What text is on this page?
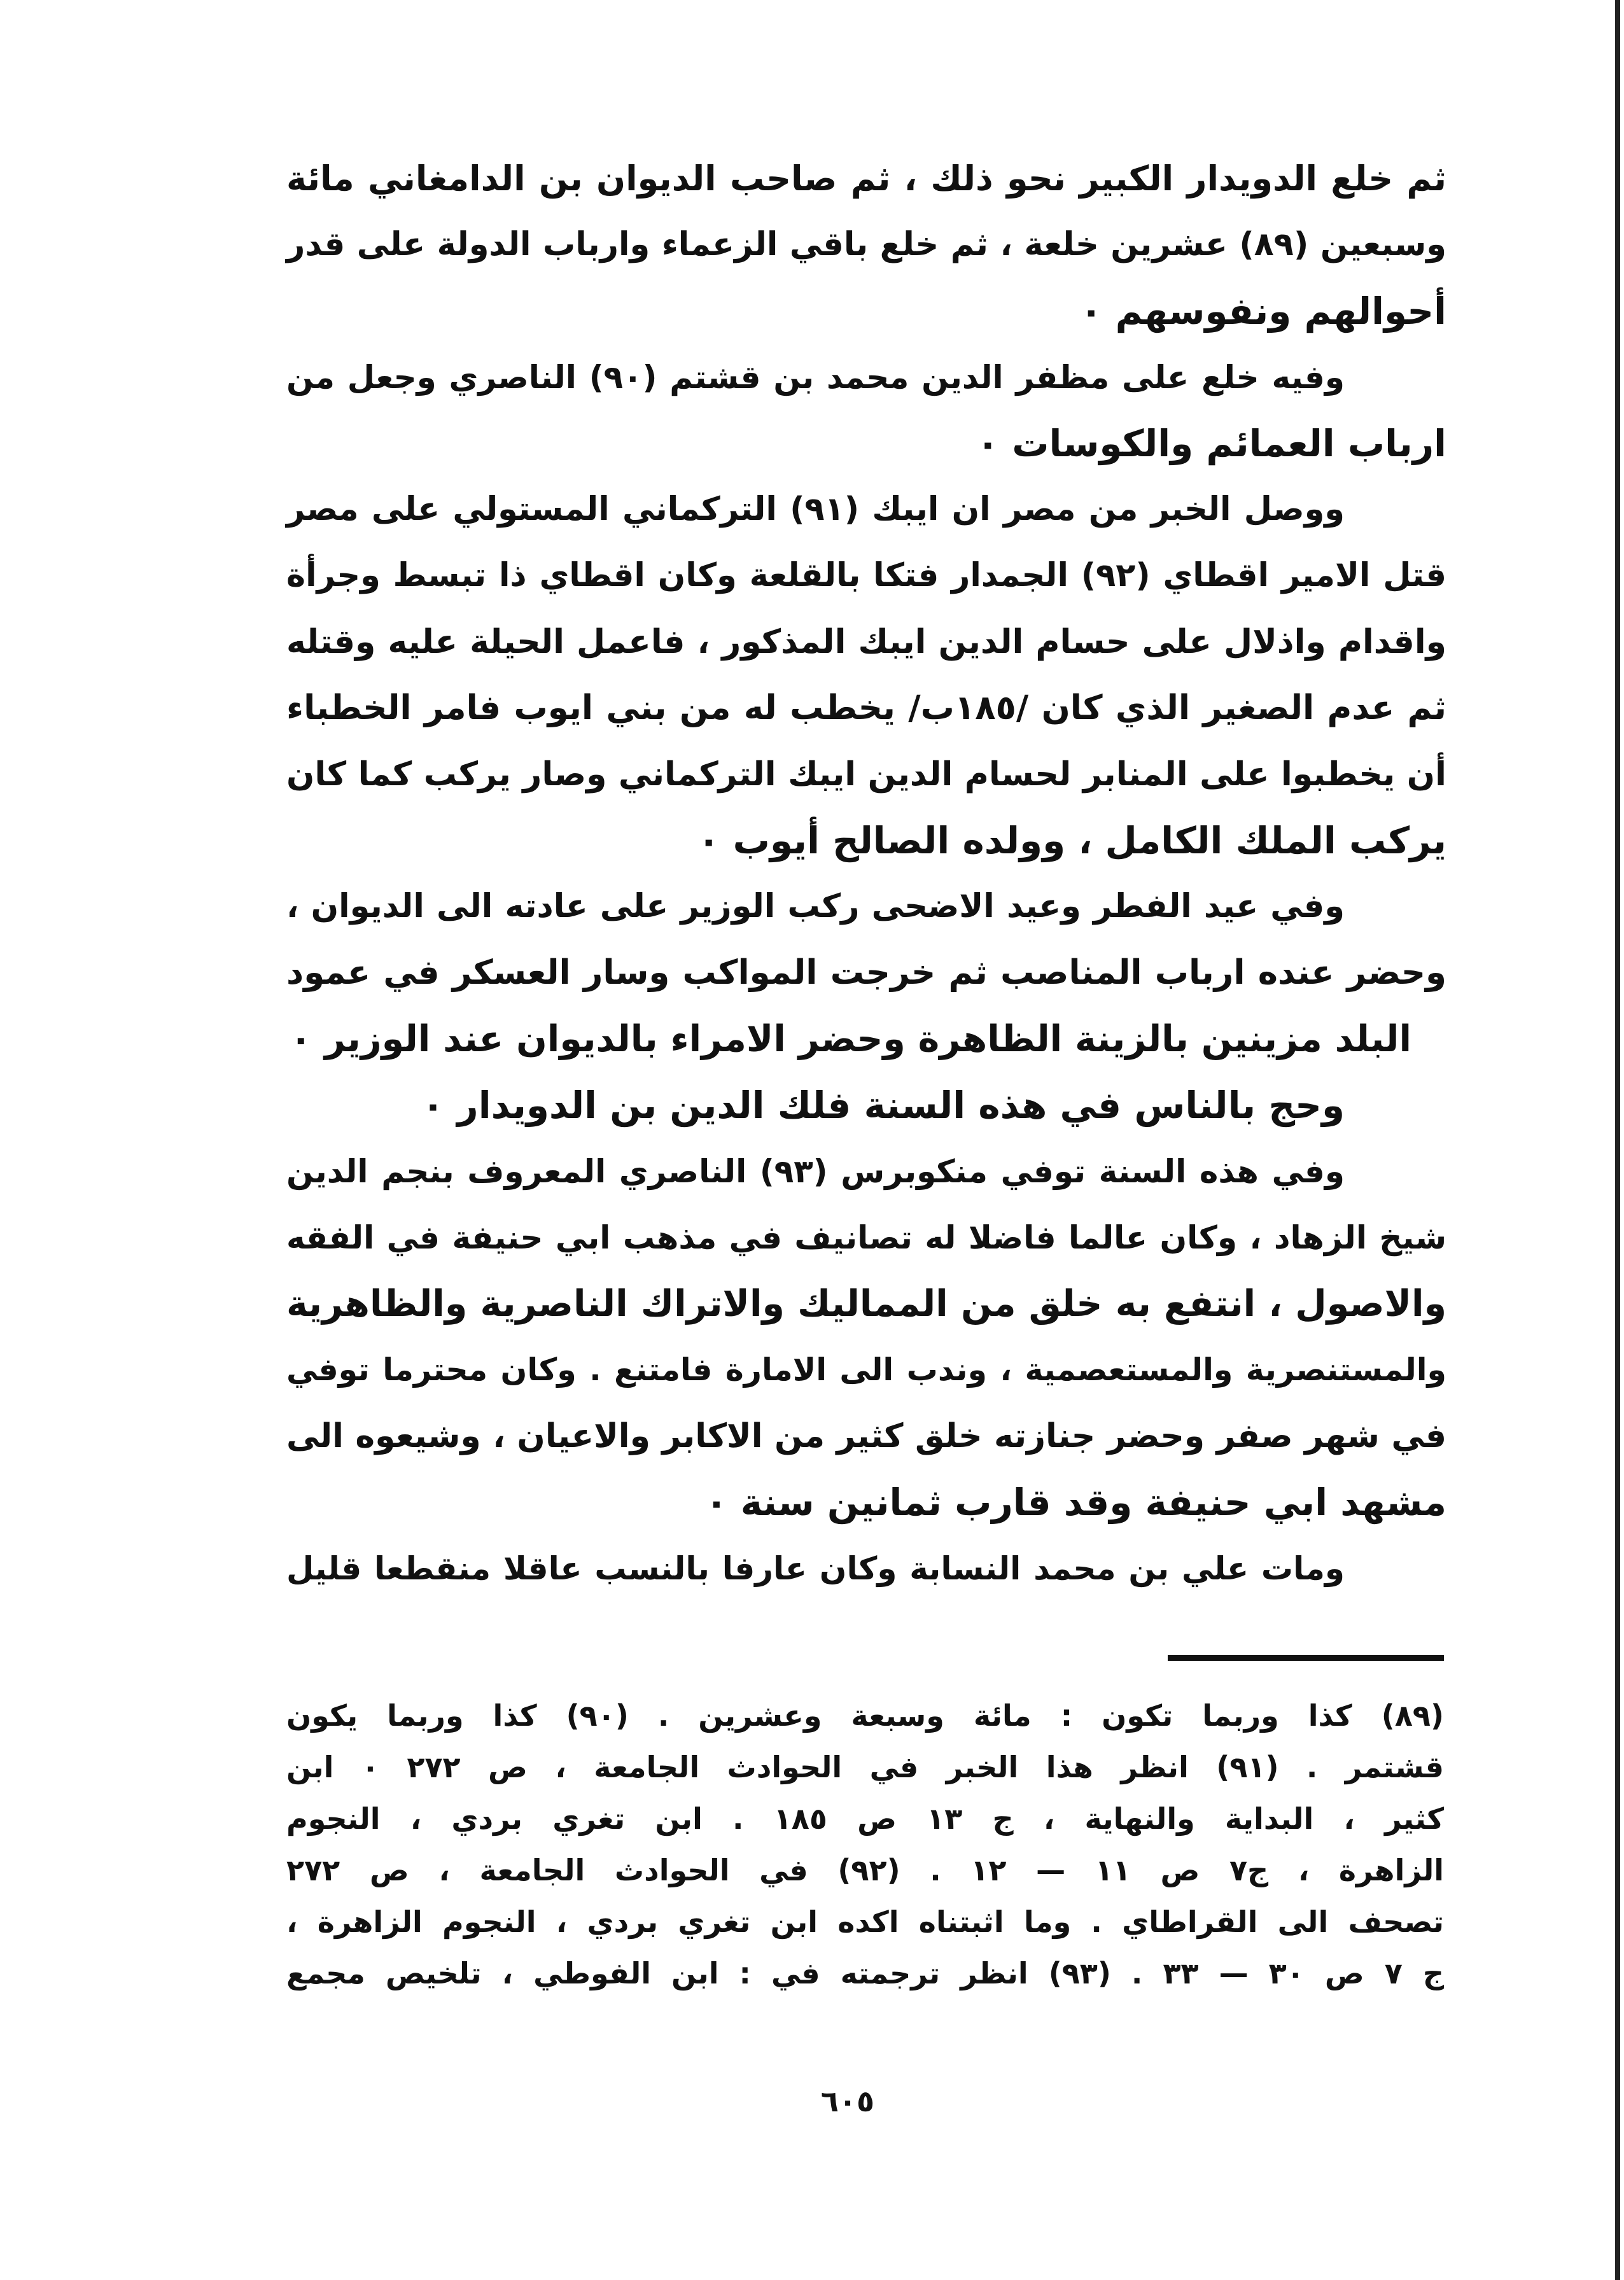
ثم خلع الدويدار الكبير نحو ذلك ، ثم صاحب الديوان بن الدامغاني مائة
وسبعين (٨٩) عشرين خلعة ، ثم خلع باقي الزعماء وارباب الدولة على قدر
أحوالهم ونفوسهم ٠
وفيه خلع على مظفر الدين محمد بن قشتم (٩٠) الناصري وجعل من
ارباب العمائم والكوسات ٠
ووصل الخبر من مصر ان ايبك (٩١) التركماني المستولي على مصر
قتل الامير اقطاي (٩٢) الجمدار فتكا بالقلعة وكان اقطاي ذا تبسط وجرأة
واقدام واذلال على حسام الدين ايبك المذكور ، فاعمل الحيلة عليه وقتله
ثم عدم الصغير الذي كان /١٨٥ب/ يخطب له من بني ايوب فامر الخطباء
أن يخطبوا على المنابر لحسام الدين ايبك التركماني وصار يركب كما كان
يركب الملك الكامل ، وولده الصالح أيوب ٠
وفي عيد الفطر وعيد الاضحى ركب الوزير على عادته الى الديوان ،
وحضر عنده ارباب المناصب ثم خرجت المواكب وسار العسكر في عمود
البلد مزينين بالزينة الظاهرة وحضر الامراء بالديوان عند الوزير ٠
وحج بالناس في هذه السنة فلك الدين بن الدويدار ٠
وفي هذه السنة توفي منكوبرس (٩٣) الناصري المعروف بنجم الدين
شيخ الزهاد ، وكان عالما فاضلا له تصانيف في مذهب ابي حنيفة في الفقه
والاصول ، انتفع به خلق من المماليك والاتراك الناصرية والظاهرية
والمستنصرية والمستعصمية ، وندب الى الامارة فامتنع . وكان محترما توفي
في شهر صفر وحضر جنازته خلق كثير من الاكابر والاعيان ، وشيعوه الى
مشهد ابي حنيفة وقد قارب ثمانين سنة ٠
ومات علي بن محمد النسابة وكان عارفا بالنسب عاقلا منقطعا قليل
(٨٩) كذا وربما تكون : مائة وسبعة وعشرين . (٩٠) كذا وربما يكون
قشتمر . (٩١) انظر هذا الخبر في الحوادث الجامعة ، ص ٢٧٢ ٠ ابن
كثير ، البداية والنهاية ، ج ١٣ ص ١٨٥ . ابن تغري بردي ، النجوم
الزاهرة ، ج٧ ص ١١ — ١٢ . (٩٢) في الحوادث الجامعة ، ص ٢٧٢
تصحف الى القراطاي . وما اثبتناه اكده ابن تغري بردي ، النجوم الزاهرة ،
ج ٧ ص ٣٠ — ٣٣ . (٩٣) انظر ترجمته في : ابن الفوطي ، تلخيص مجمع
٦٠٥
